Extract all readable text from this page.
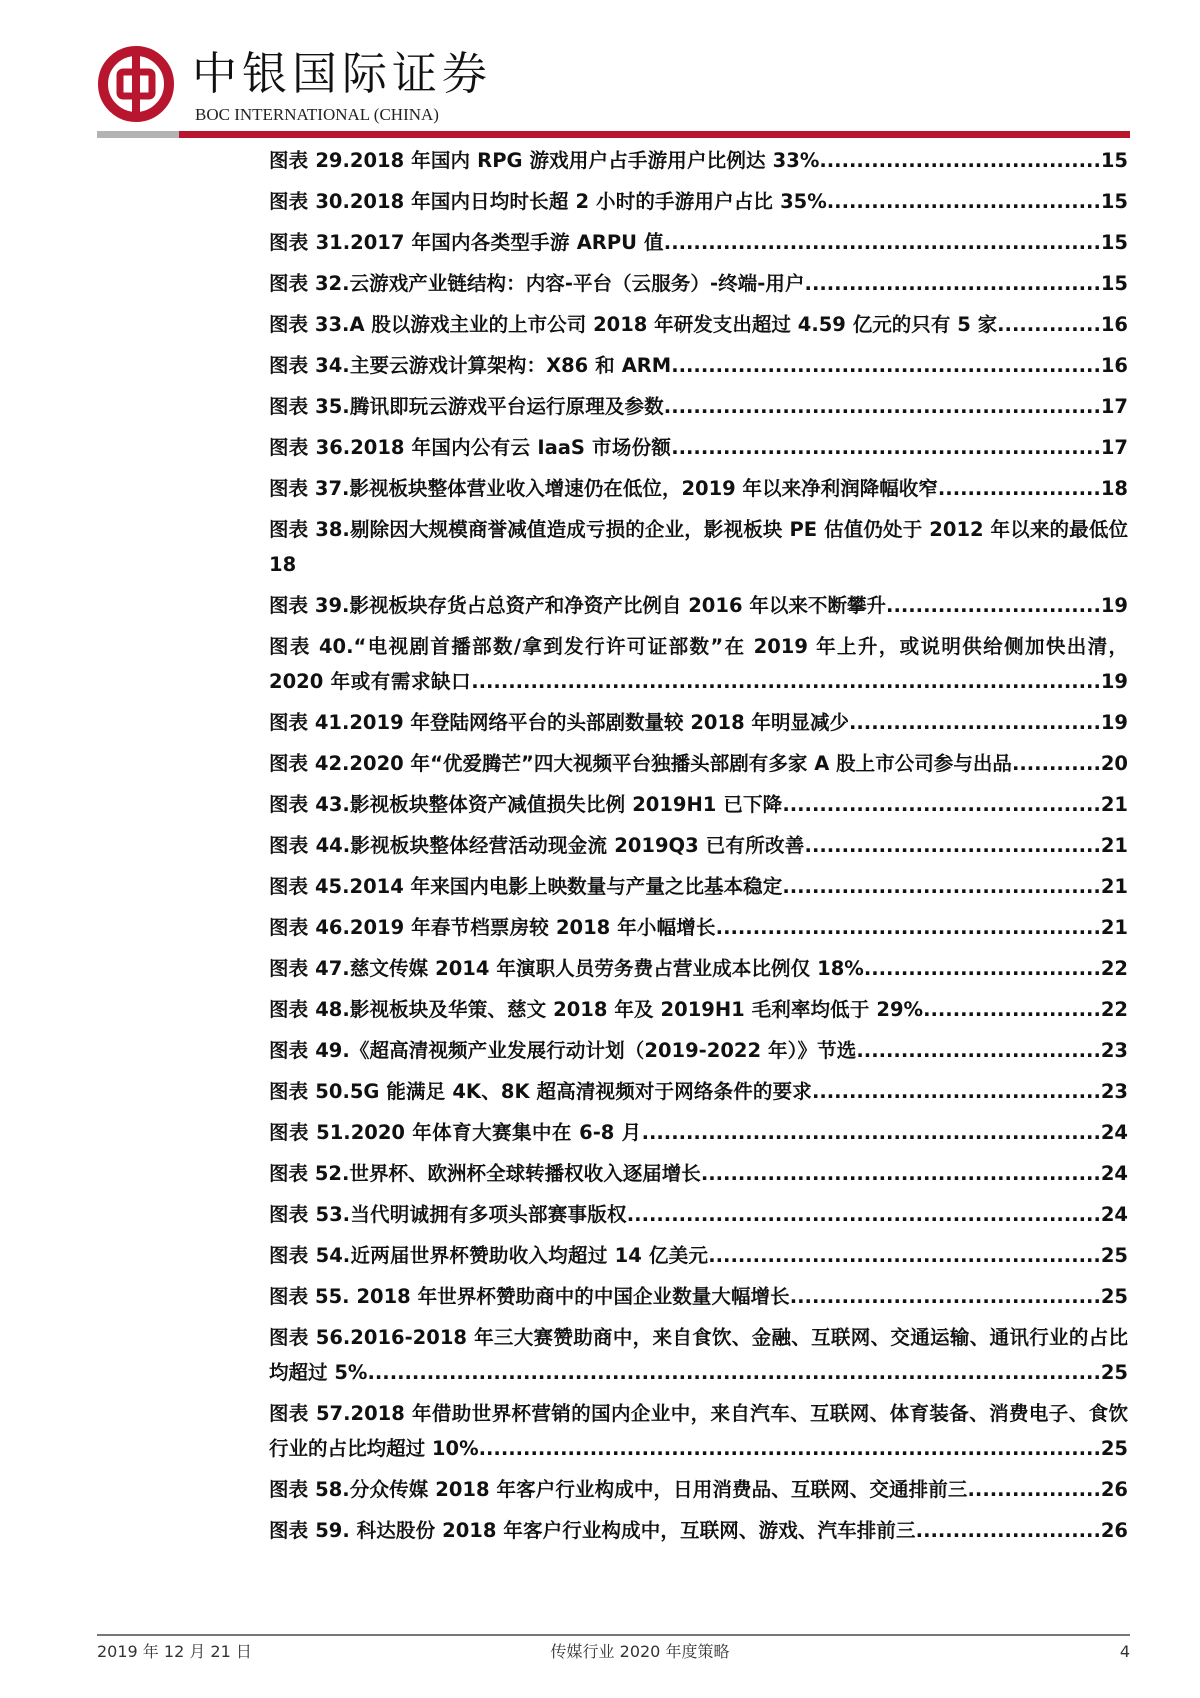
中银国际证券

BOC INTERNATIONAL (CHINA)

图表 29.2018 年国内 RPG 游戏用户占手游用户比例达 33%......................................15
图表 30.2018 年国内日均时长超 2 小时的手游用户占比 35%.....................................15
图表 31.2017 年国内各类型手游 ARPU 值...........................................................15
图表 32.云游戏产业链结构：内容-平台（云服务）-终端-用户........................................15
图表 33.A 股以游戏主业的上市公司 2018 年研发支出超过 4.59 亿元的只有 5 家..............16
图表 34.主要云游戏计算架构：X86 和 ARM..........................................................16
图表 35.腾讯即玩云游戏平台运行原理及参数...........................................................17
图表 36.2018 年国内公有云 IaaS 市场份额..........................................................17
图表 37.影视板块整体营业收入增速仍在低位，2019 年以来净利润降幅收窄......................18
图表 38.剔除因大规模商誉减值造成亏损的企业，影视板块 PE 估值仍处于 2012 年以来的最低位18
图表 39.影视板块存货占总资产和净资产比例自 2016 年以来不断攀升.............................19
图表 40.“电视剧首播部数/拿到发行许可证部数”在 2019 年上升，或说明供给侧加快出清，2020 年或有需求缺口.....................................................................................19
图表 41.2019 年登陆网络平台的头部剧数量较 2018 年明显减少..................................19
图表 42.2020 年“优爱腾芒”四大视频平台独播头部剧有多家 A 股上市公司参与出品............20
图表 43.影视板块整体资产减值损失比例 2019H1 已下降...........................................21
图表 44.影视板块整体经营活动现金流 2019Q3 已有所改善........................................21
图表 45.2014 年来国内电影上映数量与产量之比基本稳定...........................................21
图表 46.2019 年春节档票房较 2018 年小幅增长....................................................21
图表 47.慈文传媒 2014 年演职人员劳务费占营业成本比例仅 18%................................22
图表 48.影视板块及华策、慈文 2018 年及 2019H1 毛利率均低于 29%........................22
图表 49.《超高清视频产业发展行动计划（2019-2022 年）》节选.................................23
图表 50.5G 能满足 4K、8K 超高清视频对于网络条件的要求.......................................23
图表 51.2020 年体育大赛集中在 6-8 月..............................................................24
图表 52.世界杯、欧洲杯全球转播权收入逐届增长......................................................24
图表 53.当代明诚拥有多项头部赛事版权................................................................24
图表 54.近两届世界杯赞助收入均超过 14 亿美元.....................................................25
图表 55. 2018 年世界杯赞助商中的中国企业数量大幅增长..........................................25
图表 56.2016-2018 年三大赛赞助商中，来自食饮、金融、互联网、交通运输、通讯行业的占比均超过 5%...................................................................................................25
图表 57.2018 年借助世界杯营销的国内企业中，来自汽车、互联网、体育装备、消费电子、食饮行业的占比均超过 10%....................................................................................25
图表 58.分众传媒 2018 年客户行业构成中，日用消费品、互联网、交通排前三..................26
图表 59. 科达股份 2018 年客户行业构成中，互联网、游戏、汽车排前三.........................26

2019 年 12 月 21 日	传媒行业 2020 年度策略	4
